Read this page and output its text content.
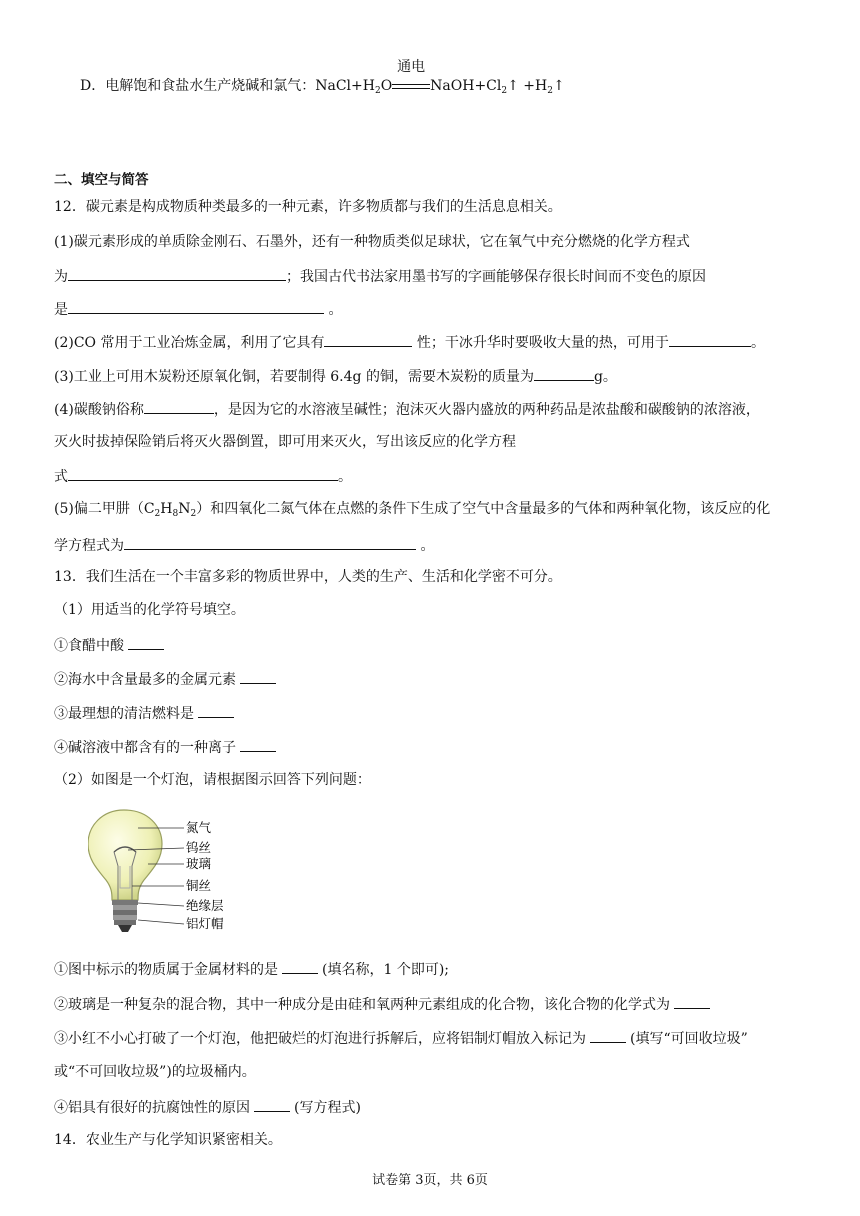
D．电解饱和食盐水生产烧碱和氯气：$NaCl+H_2O$
通电
$NaOH+Cl_2↑$ $+H_2↑$
二、填空与简答
12．碳元素是构成物质种类最多的一种元素，许多物质都与我们的生活息息相关。
(1)碳元素形成的单质除金刚石、石墨外，还有一种物质类似足球状，它在氧气中充分燃烧的化学方程式
为	；我国古代书法家用墨书写的字画能够保存很长时间而不变色的原因
是	。
(2)CO 常用于工业冶炼金属，利用了它具有	性；干冰升华时要吸收大量的热，可用于	。
(3)工业上可用木炭粉还原氧化铜，若要制得 6.4g 的铜，需要木炭粉的质量为	g。
(4)碳酸钠俗称	，是因为它的水溶液呈碱性；泡沫灭火器内盛放的两种药品是浓盐酸和碳酸钠的浓溶液，
灭火时拔掉保险销后将灭火器倒置，即可用来灭火，写出该反应的化学方程
式	。
(5)偏二甲肼$(C_2H_8N_2)$和四氧化二氮气体在点燃的条件下生成了空气中含量最多的气体和两种氧化物，该反应的化
学方程式为	。
13．我们生活在一个丰富多彩的物质世界中，人类的生产、生活和化学密不可分。
（1）用适当的化学符号填空。
①食醋中酸
②海水中含量最多的金属元素
③最理想的清洁燃料是
④碱溶液中都含有的一种离子
（2）如图是一个灯泡，请根据图示回答下列问题：
氮气
钨丝
玻璃
铜丝
绝缘层
铝灯帽
①图中标示的物质属于金属材料的是	(填名称，1 个即可);
②玻璃是一种复杂的混合物，其中一种成分是由硅和氧两种元素组成的化合物，该化合物的化学式为
③小红不小心打破了一个灯泡，他把破烂的灯泡进行拆解后，应将铝制灯帽放入标记为	(填写“可回收垃圾”
或“不可回收垃圾”)的垃圾桶内。
④铝具有很好的抗腐蚀性的原因	(写方程式)
14．农业生产与化学知识紧密相关。
试卷第 3页，共 6页
